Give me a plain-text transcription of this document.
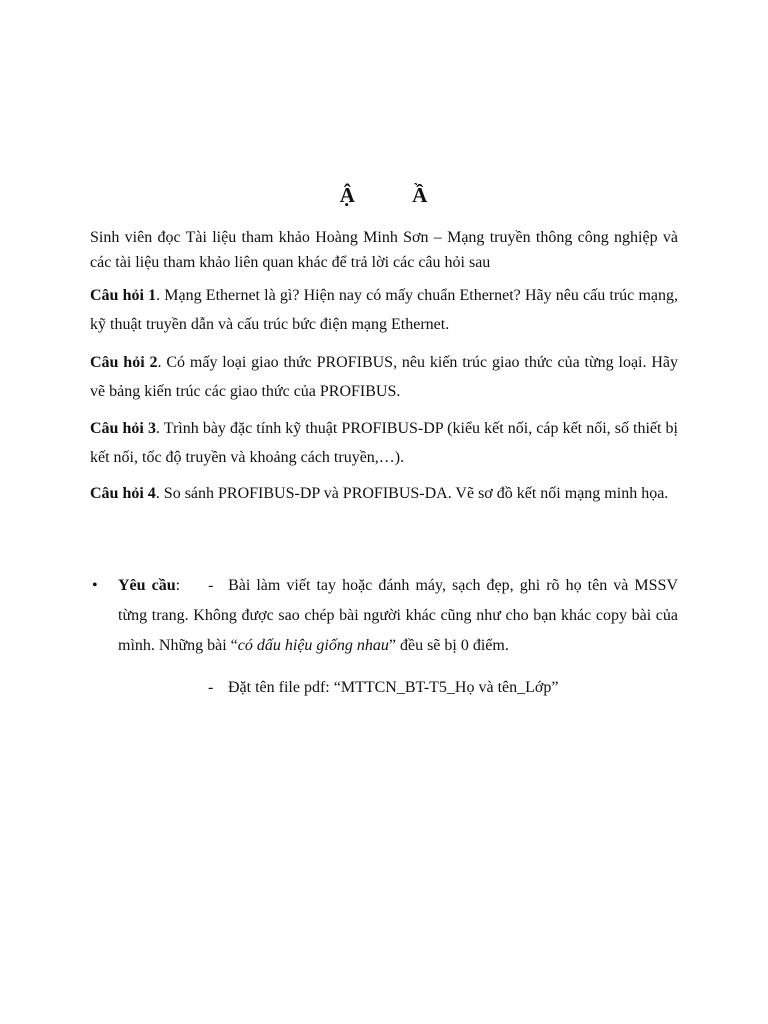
Ậ	Ầ
Sinh viên đọc Tài liệu tham khảo Hoàng Minh Sơn – Mạng truyền thông công nghiệp và các tài liệu tham khảo liên quan khác để trả lời các câu hỏi sau
Câu hỏi 1. Mạng Ethernet là gì? Hiện nay có mấy chuẩn Ethernet? Hãy nêu cấu trúc mạng, kỹ thuật truyền dẫn và cấu trúc bức điện mạng Ethernet.
Câu hỏi 2. Có mấy loại giao thức PROFIBUS, nêu kiến trúc giao thức của từng loại. Hãy vẽ bảng kiến trúc các giao thức của PROFIBUS.
Câu hỏi 3. Trình bày đặc tính kỹ thuật PROFIBUS-DP (kiểu kết nối, cáp kết nối, số thiết bị kết nối, tốc độ truyền và khoảng cách truyền,…).
Câu hỏi 4. So sánh PROFIBUS-DP và PROFIBUS-DA. Vẽ sơ đồ kết nối mạng minh họa.
• Yêu cầu: - Bài làm viết tay hoặc đánh máy, sạch đẹp, ghi rõ họ tên và MSSV từng trang. Không được sao chép bài người khác cũng như cho bạn khác copy bài của mình. Những bài “có dấu hiệu giống nhau” đều sẽ bị 0 điểm.
- Đặt tên file pdf: “MTTCN_BT-T5_Họ và tên_Lớp”
